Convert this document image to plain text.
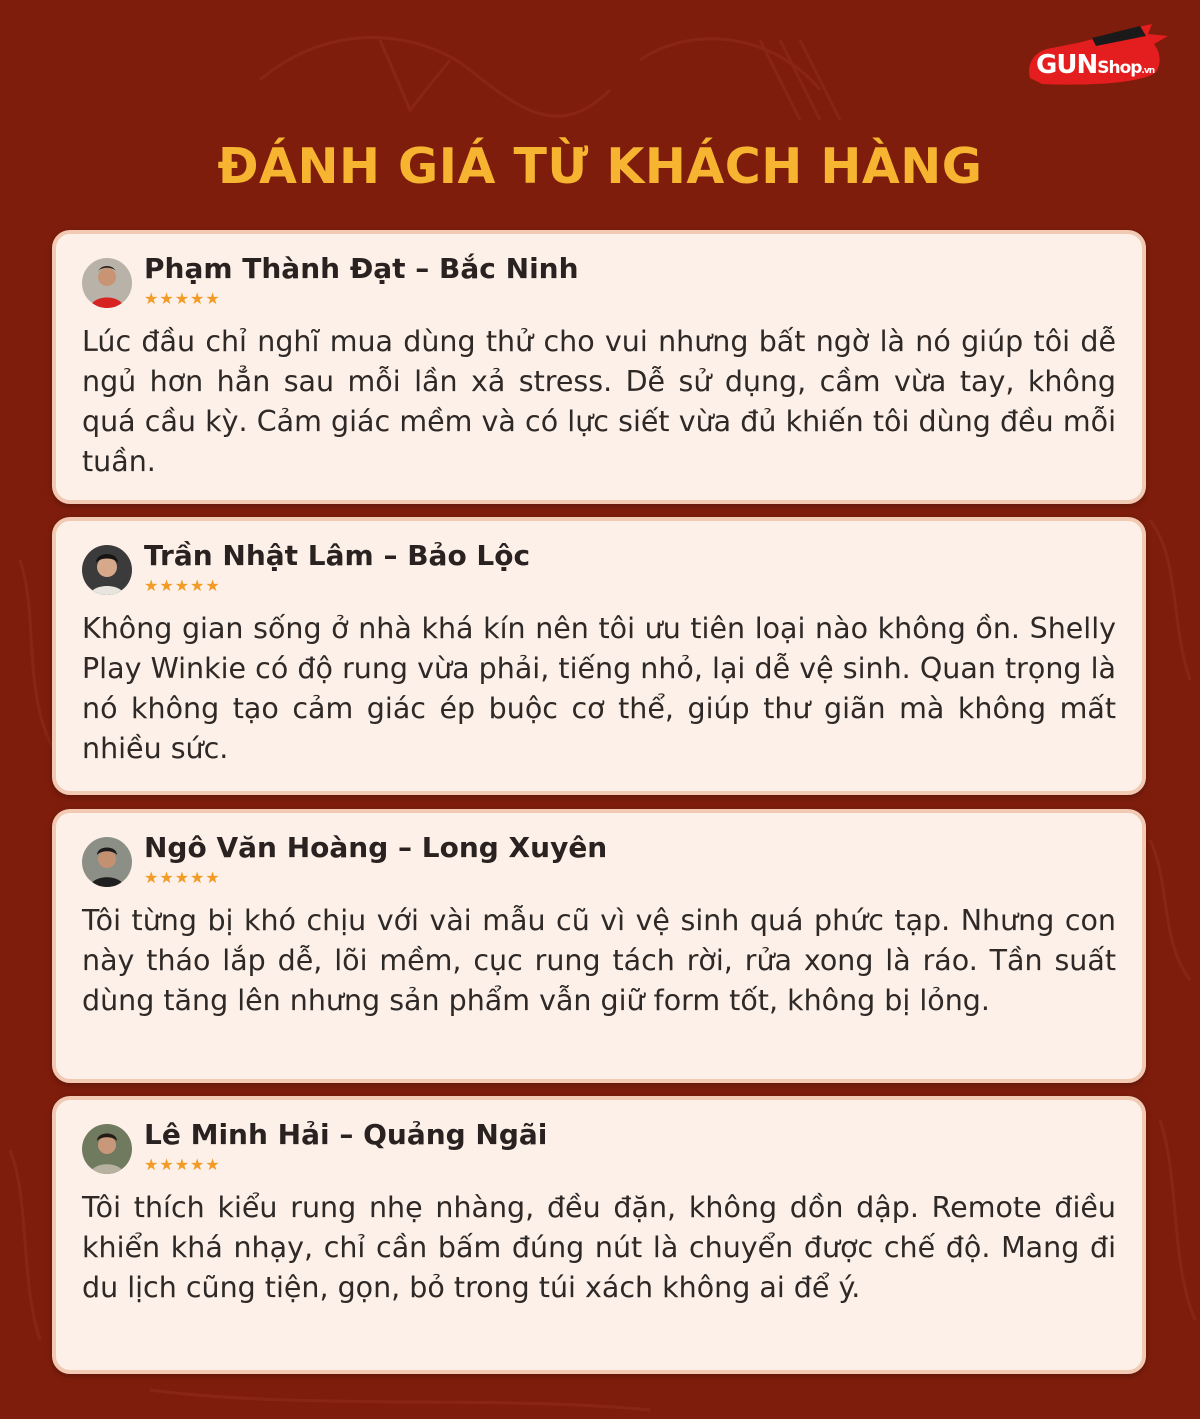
GUNShop.vn
ĐÁNH GIÁ TỪ KHÁCH HÀNG
Phạm Thành Đạt – Bắc Ninh
★★★★★

Lúc đầu chỉ nghĩ mua dùng thử cho vui nhưng bất ngờ là nó giúp tôi dễ ngủ hơn hẳn sau mỗi lần xả stress. Dễ sử dụng, cầm vừa tay, không quá cầu kỳ. Cảm giác mềm và có lực siết vừa đủ khiến tôi dùng đều mỗi tuần.

Trần Nhật Lâm – Bảo Lộc
★★★★★

Không gian sống ở nhà khá kín nên tôi ưu tiên loại nào không ồn. Shelly Play Winkie có độ rung vừa phải, tiếng nhỏ, lại dễ vệ sinh. Quan trọng là nó không tạo cảm giác ép buộc cơ thể, giúp thư giãn mà không mất nhiều sức.

Ngô Văn Hoàng – Long Xuyên
★★★★★

Tôi từng bị khó chịu với vài mẫu cũ vì vệ sinh quá phức tạp. Nhưng con này tháo lắp dễ, lõi mềm, cục rung tách rời, rửa xong là ráo. Tần suất dùng tăng lên nhưng sản phẩm vẫn giữ form tốt, không bị lỏng.

Lê Minh Hải – Quảng Ngãi
★★★★★

Tôi thích kiểu rung nhẹ nhàng, đều đặn, không dồn dập. Remote điều khiển khá nhạy, chỉ cần bấm đúng nút là chuyển được chế độ. Mang đi du lịch cũng tiện, gọn, bỏ trong túi xách không ai để ý.
